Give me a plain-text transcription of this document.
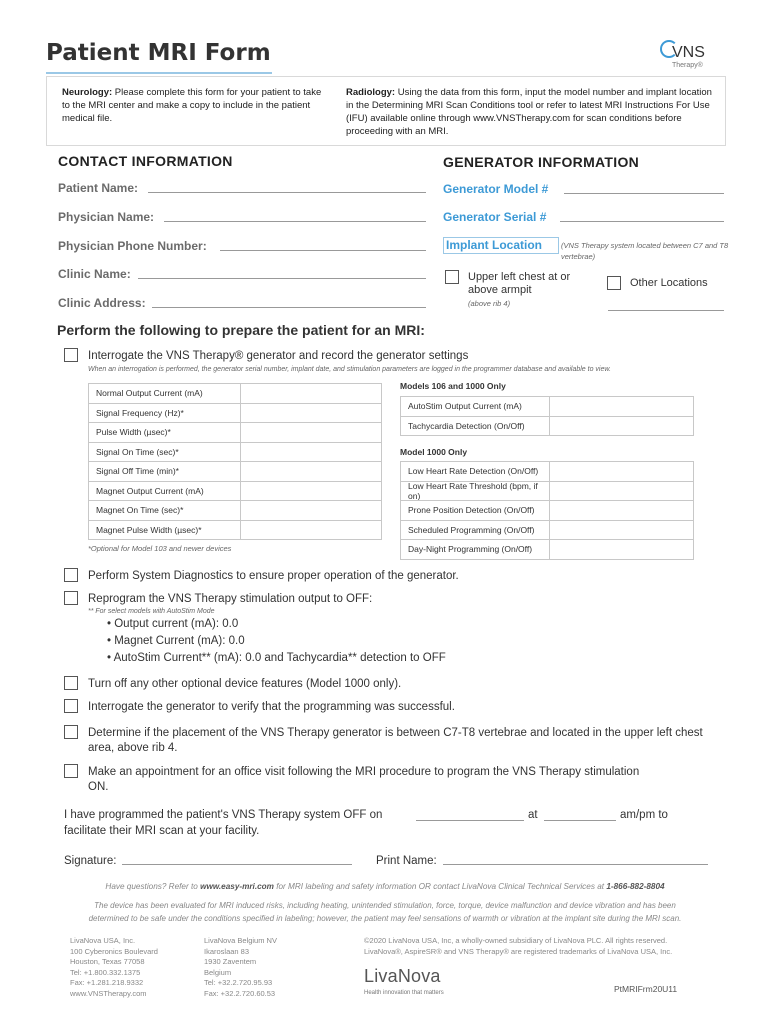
Patient MRI Form	VNS
Therapy®
Neurology: Please complete this form for your patient to take to the MRI center and make a copy to include in the patient medical file.
Radiology: Using the data from this form, input the model number and implant location in the Determining MRI Scan Conditions tool or refer to latest MRI Instructions For Use (IFU) available online through www.VNSTherapy.com for scan conditions before proceeding with an MRI.
CONTACT INFORMATION
Patient Name:
Physician Name:
Physician Phone Number:
Clinic Name:
Clinic Address:
GENERATOR INFORMATION
Generator Model #
Generator Serial #
Implant Location	(VNS Therapy system located between C7 and T8 vertebrae)
Upper left chest at or above armpit
(above rib 4)
Other Locations
Perform the following to prepare the patient for an MRI:
Interrogate the VNS Therapy® generator and record the generator settings
When an interrogation is performed, the generator serial number, implant date, and stimulation parameters are logged in the programmer database and available to view.
Normal Output Current (mA)
Signal Frequency (Hz)*
Pulse Width (µsec)*
Signal On Time (sec)*
Signal Off Time (min)*
Magnet Output Current (mA)
Magnet On Time (sec)*
Magnet Pulse Width (µsec)*
*Optional for Model 103 and newer devices
Models 106 and 1000 Only
AutoStim Output Current (mA)
Tachycardia Detection (On/Off)
Model 1000 Only
Low Heart Rate Detection (On/Off)
Low Heart Rate Threshold (bpm, if on)
Prone Position Detection (On/Off)
Scheduled Programming (On/Off)
Day-Night Programming (On/Off)
Perform System Diagnostics to ensure proper operation of the generator.
Reprogram the VNS Therapy stimulation output to OFF:
** For select models with AutoStim Mode
• Output current (mA): 0.0
• Magnet Current (mA): 0.0
• AutoStim Current** (mA): 0.0 and Tachycardia** detection to OFF
Turn off any other optional device features (Model 1000 only).
Interrogate the generator to verify that the programming was successful.
Determine if the placement of the VNS Therapy generator is between C7-T8 vertebrae and located in the upper left chest area, above rib 4.
Make an appointment for an office visit following the MRI procedure to program the VNS Therapy stimulation ON.
I have programmed the patient's VNS Therapy system OFF on	at	am/pm to
facilitate their MRI scan at your facility.
Signature:	Print Name:
Have questions? Refer to www.easy-mri.com for MRI labeling and safety information OR contact LivaNova Clinical Technical Services at 1-866-882-8804
The device has been evaluated for MRI induced risks, including heating, unintended stimulation, force, torque, device malfunction and device vibration and has been
determined to be safe under the conditions specified in labeling; however, the patient may feel sensations of warmth or vibration at the implant site during the MRI scan.
LivaNova USA, Inc.
100 Cyberonics Boulevard
Houston, Texas 77058
Tel: +1.800.332.1375
Fax: +1.281.218.9332
www.VNSTherapy.com
LivaNova Belgium NV
Ikaroslaan 83
1930 Zaventem
Belgium
Tel: +32.2.720.95.93
Fax: +32.2.720.60.53
©2020 LivaNova USA, Inc, a wholly-owned subsidiary of LivaNova PLC. All rights reserved.
LivaNova®, AspireSR® and VNS Therapy® are registered trademarks of LivaNova USA, Inc.
LivaNova
Health innovation that matters	PtMRIFrm20U11
